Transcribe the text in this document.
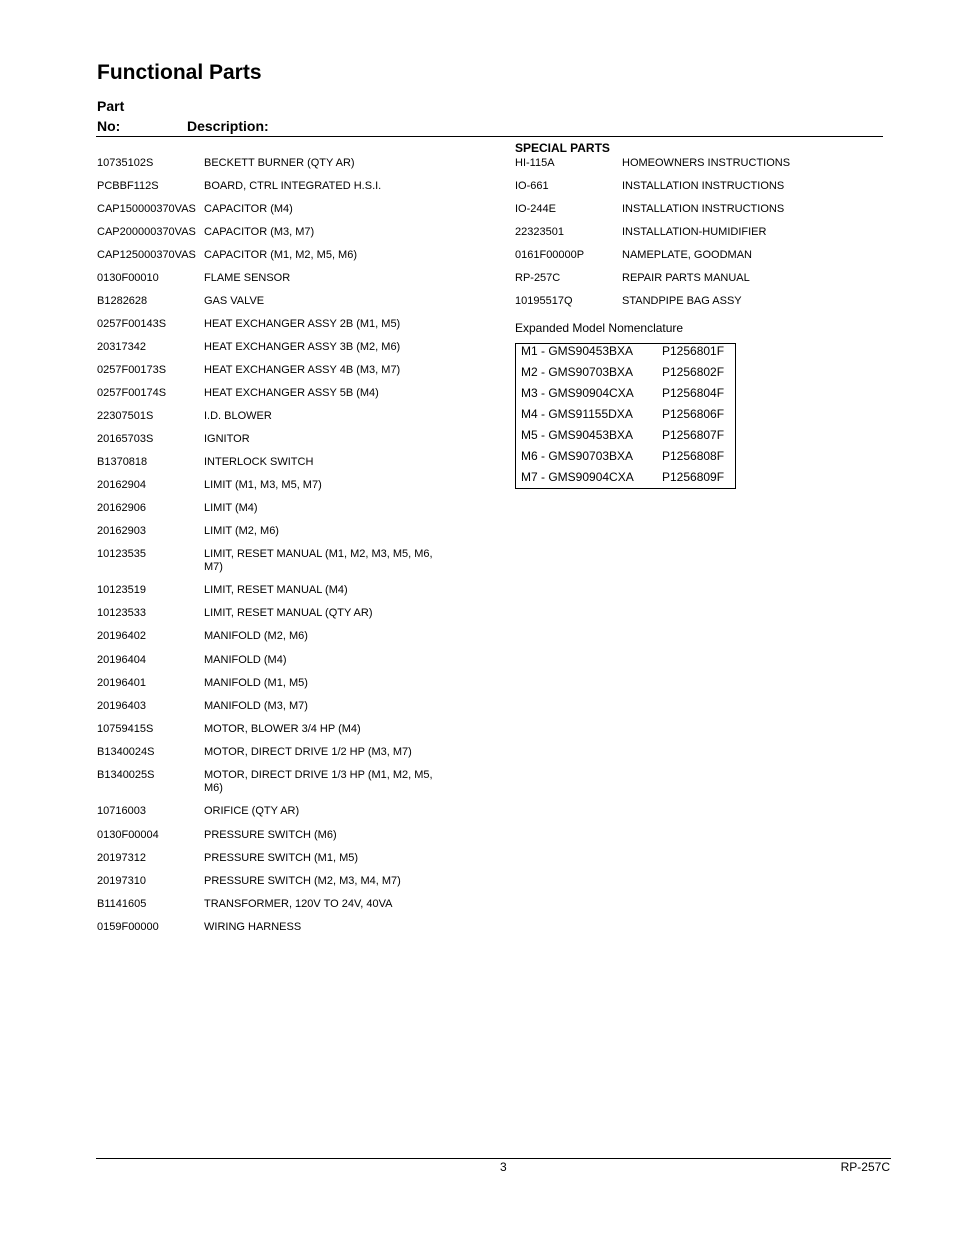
Functional Parts
Part
No:	Description:
10735102S	BECKETT BURNER (QTY AR)
PCBBF112S	BOARD, CTRL INTEGRATED H.S.I.
CAP150000370VAS CAPACITOR (M4)
CAP200000370VAS CAPACITOR (M3, M7)
CAP125000370VAS CAPACITOR (M1, M2, M5, M6)
0130F00010	FLAME SENSOR
B1282628	GAS VALVE
0257F00143S	HEAT EXCHANGER ASSY 2B (M1, M5)
20317342	HEAT EXCHANGER ASSY 3B (M2, M6)
0257F00173S	HEAT EXCHANGER ASSY 4B (M3, M7)
0257F00174S	HEAT EXCHANGER ASSY 5B (M4)
22307501S	I.D. BLOWER
20165703S	IGNITOR
B1370818	INTERLOCK SWITCH
20162904	LIMIT (M1, M3, M5, M7)
20162906	LIMIT (M4)
20162903	LIMIT (M2, M6)
10123535	LIMIT, RESET MANUAL (M1, M2, M3, M5, M6, M7)
10123519	LIMIT, RESET MANUAL (M4)
10123533	LIMIT, RESET MANUAL (QTY AR)
20196402	MANIFOLD (M2, M6)
20196404	MANIFOLD (M4)
20196401	MANIFOLD (M1, M5)
20196403	MANIFOLD (M3, M7)
10759415S	MOTOR, BLOWER 3/4 HP (M4)
B1340024S	MOTOR, DIRECT DRIVE 1/2 HP (M3, M7)
B1340025S	MOTOR, DIRECT DRIVE 1/3 HP (M1, M2, M5, M6)
10716003	ORIFICE (QTY AR)
0130F00004	PRESSURE SWITCH (M6)
20197312	PRESSURE SWITCH (M1, M5)
20197310	PRESSURE SWITCH (M2, M3, M4, M7)
B1141605	TRANSFORMER, 120V TO 24V, 40VA
0159F00000	WIRING HARNESS
SPECIAL PARTS
HI-115A	HOMEOWNERS INSTRUCTIONS
IO-661	INSTALLATION INSTRUCTIONS
IO-244E	INSTALLATION INSTRUCTIONS
22323501	INSTALLATION-HUMIDIFIER
0161F00000P	NAMEPLATE, GOODMAN
RP-257C	REPAIR PARTS MANUAL
10195517Q	STANDPIPE BAG ASSY
Expanded Model Nomenclature
M1 - GMS90453BXA	P1256801F
M2 - GMS90703BXA	P1256802F
M3 - GMS90904CXA	P1256804F
M4 - GMS91155DXA	P1256806F
M5 - GMS90453BXA	P1256807F
M6 - GMS90703BXA	P1256808F
M7 - GMS90904CXA	P1256809F
3	RP-257C
